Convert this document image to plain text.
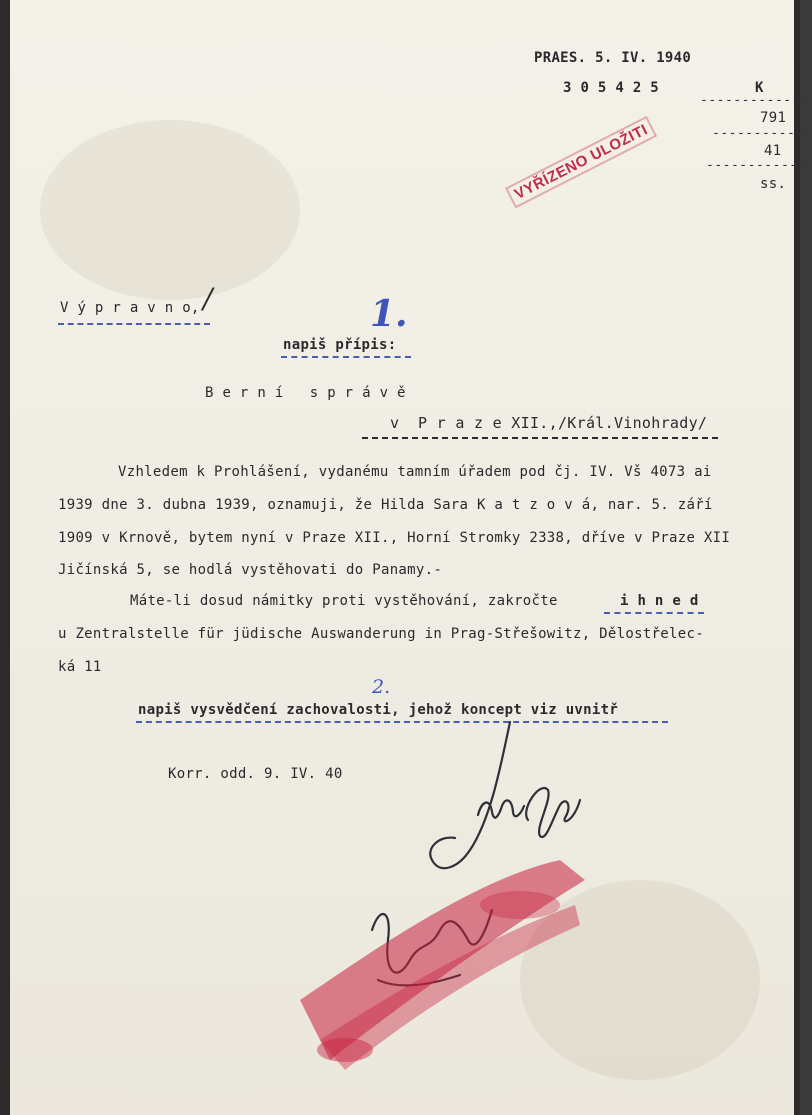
PRAES. 5. IV. 1940
3 0 5 4 2 5	K
-------------
791
------------
41
------------
ss.
VYŘÍZENO ULOŽITI
V ý p r a v n o, /	1.
napiš přípis:
B e r n í   s p r á v ě
v  P r a z e XII.,/Král.Vinohrady/
Vzhledem k Prohlášení, vydanému tamním úřadem pod čj. IV. Vš 4073 ai
1939 dne 3. dubna 1939, oznamuji, že Hilda Sara K a t z o v á, nar. 5. září
1909 v Krnově, bytem nyní v Praze XII., Horní Stromky 2338, dříve v Praze XII
Jičínská 5, se hodlá vystěhovati do Panamy.-
Máte-li dosud námitky proti vystěhování, zakročte	i h n e d
u Zentralstelle für jüdische Auswanderung in Prag-Střešowitz, Dělostřelec-
ká 11
2.
napiš vysvědčení zachovalosti, jehož koncept viz uvnitř
Korr. odd. 9. IV. 40
